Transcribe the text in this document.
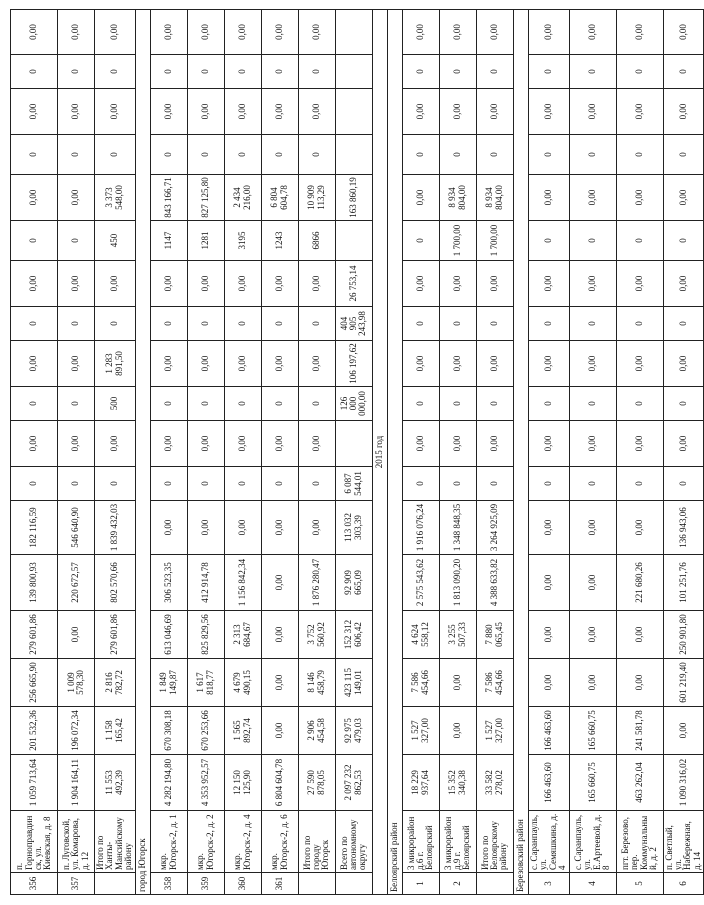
356	п. Горноправдинск, ул. Киевская, д. 8	1 059 713,64	201 532,36	256 665,90	279 601,86	139 800,93	182 116,59	0	0,00	0	0,00	0	0,00	0	0,00	0	0,00	0	0,00
357	п. Луговской, ул. Комарова, д. 12	1 904 164,11	196 072,34	1 009 578,30	0,00	220 672,57	546 640,90	0	0,00	0	0,00	0	0,00	0	0,00	0	0,00	0	0,00
	Итого по Ханты-Мансийскому району	11 553 492,39	1 158 165,42	2 816 782,72	279 601,86	802 570,66	1 839 432,03	0	0,00	500	1 283 891,50	0	0,00	450	3 373 548,00	0	0,00	0	0,00
город Югорск																			
358	мкр. Югорск-2, д. 1	4 282 194,80	670 308,18	1 849 149,87	613 046,69	306 523,35	0,00	0	0,00	0	0,00	0	0,00	1147	843 166,71	0	0,00	0	0,00
359	мкр. Югорск-2, д. 2	4 353 952,57	670 253,66	1 617 818,77	825 829,56	412 914,78	0,00	0	0,00	0	0,00	0	0,00	1281	827 125,80	0	0,00	0	0,00
360	мкр. Югорск-2, д. 4	12 150 125,90	1 565 892,74	4 679 490,15	2 313 684,67	1 156 842,34	0,00	0	0,00	0	0,00	0	0,00	3195	2 434 216,00	0	0,00	0	0,00
361	мкр. Югорск-2, д. 6	6 804 604,78	0,00	0,00	0,00	0,00	0,00	0	0,00	0	0,00	0	0,00	1243	6 804 604,78	0	0,00	0	0,00
	Итого по городу Югорск	27 590 878,05	2 906 454,58	8 146 458,79	3 752 560,92	1 876 280,47	0,00	0	0,00	0	0,00	0	0,00	6866	10 909 113,29	0	0,00	0	0,00
	Всего по автономному округу	2 097 232 862,53	92 975 479,03	423 115 149,01	152 312 606,42	92 909 665,09	113 032 303,39	6 087 544,01		126 000 000,00	106 197,62	404 905 243,98	26 753,14		163 860,19				
2015 год																			
Белоярский район																			
1	3 микрорайон д.6 г. Белоярский	18 229 937,64	1 527 327,00	7 586 454,66	4 624 558,12	2 575 543,62	1 916 076,24	0	0,00	0	0,00	0	0,00	0	0,00	0	0,00	0	0,00
2	3 микрорайон д.9 г. Белоярский	15 352 340,38	0,00	0,00	3 255 507,33	1 813 090,20	1 348 848,35	0	0,00	0	0,00	0	0,00	1 700,00	8 934 804,00	0	0,00	0	0,00
	Итого по Белоярскому району	33 582 278,02	1 527 327,00	7 586 454,66	7 880 065,45	4 388 633,82	3 264 925,09	0	0,00	0	0,00	0	0,00	1 700,00	8 934 804,00	0	0,00	0	0,00
Березовский район																			
3	с. Саранпауль, ул. Семяшкина, д. 4	166 463,60	166 463,60	0,00	0,00	0,00	0,00	0	0,00	0	0,00	0	0,00	0	0,00	0	0,00	0	0,00
4	с. Саранпауль, ул. Е.Артеевой, д. 8	165 660,75	165 660,75	0,00	0,00	0,00	0,00	0	0,00	0	0,00	0	0,00	0	0,00	0	0,00	0	0,00
5	пгт. Березово, пер. Коммунальный, д. 2	463 262,04	241 581,78	0,00	0,00	221 680,26	0,00	0	0,00	0	0,00	0	0,00	0	0,00	0	0,00	0	0,00
6	п. Светлый, ул. Набережная, д. 14	1 090 316,02	0,00	601 219,40	250 901,80	101 251,76	136 943,06	0	0,00	0	0,00	0	0,00	0	0,00	0	0,00	0	0,00
